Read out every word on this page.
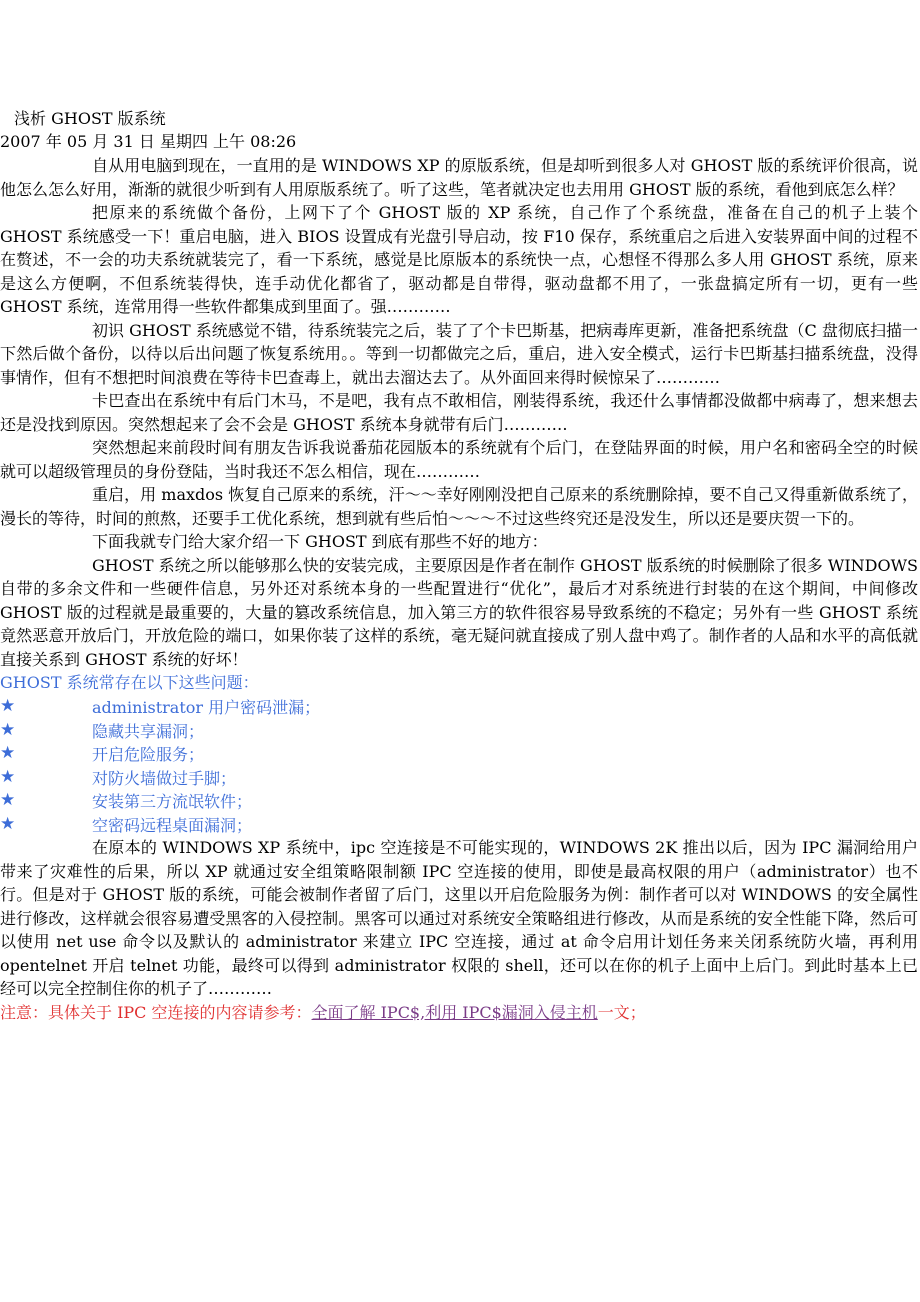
浅析 GHOST 版系统
2007 年 05 月 31 日 星期四 上午 08:26

自从用电脑到现在，一直用的是 WINDOWS XP 的原版系统，但是却听到很多人对 GHOST 版的系统评价很高，说他怎么怎么好用，渐渐的就很少听到有人用原版系统了。听了这些，笔者就决定也去用用 GHOST 版的系统，看他到底怎么样？

把原来的系统做个备份，上网下了个 GHOST 版的 XP 系统，自己作了个系统盘，准备在自己的机子上装个 GHOST 系统感受一下！重启电脑，进入 BIOS 设置成有光盘引导启动，按 F10 保存，系统重启之后进入安装界面中间的过程不在赘述，不一会的功夫系统就装完了，看一下系统，感觉是比原版本的系统快一点，心想怪不得那么多人用 GHOST 系统，原来是这么方便啊，不但系统装得快，连手动优化都省了，驱动都是自带得，驱动盘都不用了，一张盘搞定所有一切，更有一些 GHOST 系统，连常用得一些软件都集成到里面了。强…………

初识 GHOST 系统感觉不错，待系统装完之后，装了了个卡巴斯基，把病毒库更新，准备把系统盘（C 盘彻底扫描一下然后做个备份，以待以后出问题了恢复系统用。。等到一切都做完之后，重启，进入安全模式，运行卡巴斯基扫描系统盘，没得事情作，但有不想把时间浪费在等待卡巴查毒上，就出去溜达去了。从外面回来得时候惊呆了…………

卡巴查出在系统中有后门木马，不是吧，我有点不敢相信，刚装得系统，我还什么事情都没做都中病毒了，想来想去还是没找到原因。突然想起来了会不会是 GHOST 系统本身就带有后门…………

突然想起来前段时间有朋友告诉我说番茄花园版本的系统就有个后门，在登陆界面的时候，用户名和密码全空的时候就可以超级管理员的身份登陆，当时我还不怎么相信，现在…………

重启，用 maxdos 恢复自己原来的系统，汗～～幸好刚刚没把自己原来的系统删除掉，要不自己又得重新做系统了，漫长的等待，时间的煎熬，还要手工优化系统，想到就有些后怕～～～不过这些终究还是没发生，所以还是要庆贺一下的。

下面我就专门给大家介绍一下 GHOST 到底有那些不好的地方：

GHOST 系统之所以能够那么快的安装完成，主要原因是作者在制作 GHOST 版系统的时候删除了很多 WINDOWS 自带的多余文件和一些硬件信息，另外还对系统本身的一些配置进行“优化”，最后才对系统进行封装的在这个期间，中间修改 GHOST 版的过程就是最重要的，大量的篡改系统信息，加入第三方的软件很容易导致系统的不稳定；另外有一些 GHOST 系统竟然恶意开放后门，开放危险的端口，如果你装了这样的系统，毫无疑问就直接成了别人盘中鸡了。制作者的人品和水平的高低就直接关系到 GHOST 系统的好坏！

GHOST 系统常存在以下这些问题：
★	administrator 用户密码泄漏；
★	隐藏共享漏洞；
★	开启危险服务；
★	对防火墙做过手脚；
★	安装第三方流氓软件；
★	空密码远程桌面漏洞；

在原本的 WINDOWS XP 系统中，ipc 空连接是不可能实现的，WINDOWS 2K 推出以后，因为 IPC 漏洞给用户带来了灾难性的后果，所以 XP 就通过安全组策略限制额 IPC 空连接的使用，即使是最高权限的用户（administrator）也不行。但是对于 GHOST 版的系统，可能会被制作者留了后门，这里以开启危险服务为例：制作者可以对 WINDOWS 的安全属性进行修改，这样就会很容易遭受黑客的入侵控制。黑客可以通过对系统安全策略组进行修改，从而是系统的安全性能下降，然后可以使用 net use 命令以及默认的 administrator 来建立 IPC 空连接，通过 at 命令启用计划任务来关闭系统防火墙，再利用 opentelnet 开启 telnet 功能，最终可以得到 administrator 权限的 shell，还可以在你的机子上面中上后门。到此时基本上已经可以完全控制住你的机子了…………

注意：具体关于 IPC 空连接的内容请参考：全面了解 IPC$,利用 IPC$漏洞入侵主机一文；
